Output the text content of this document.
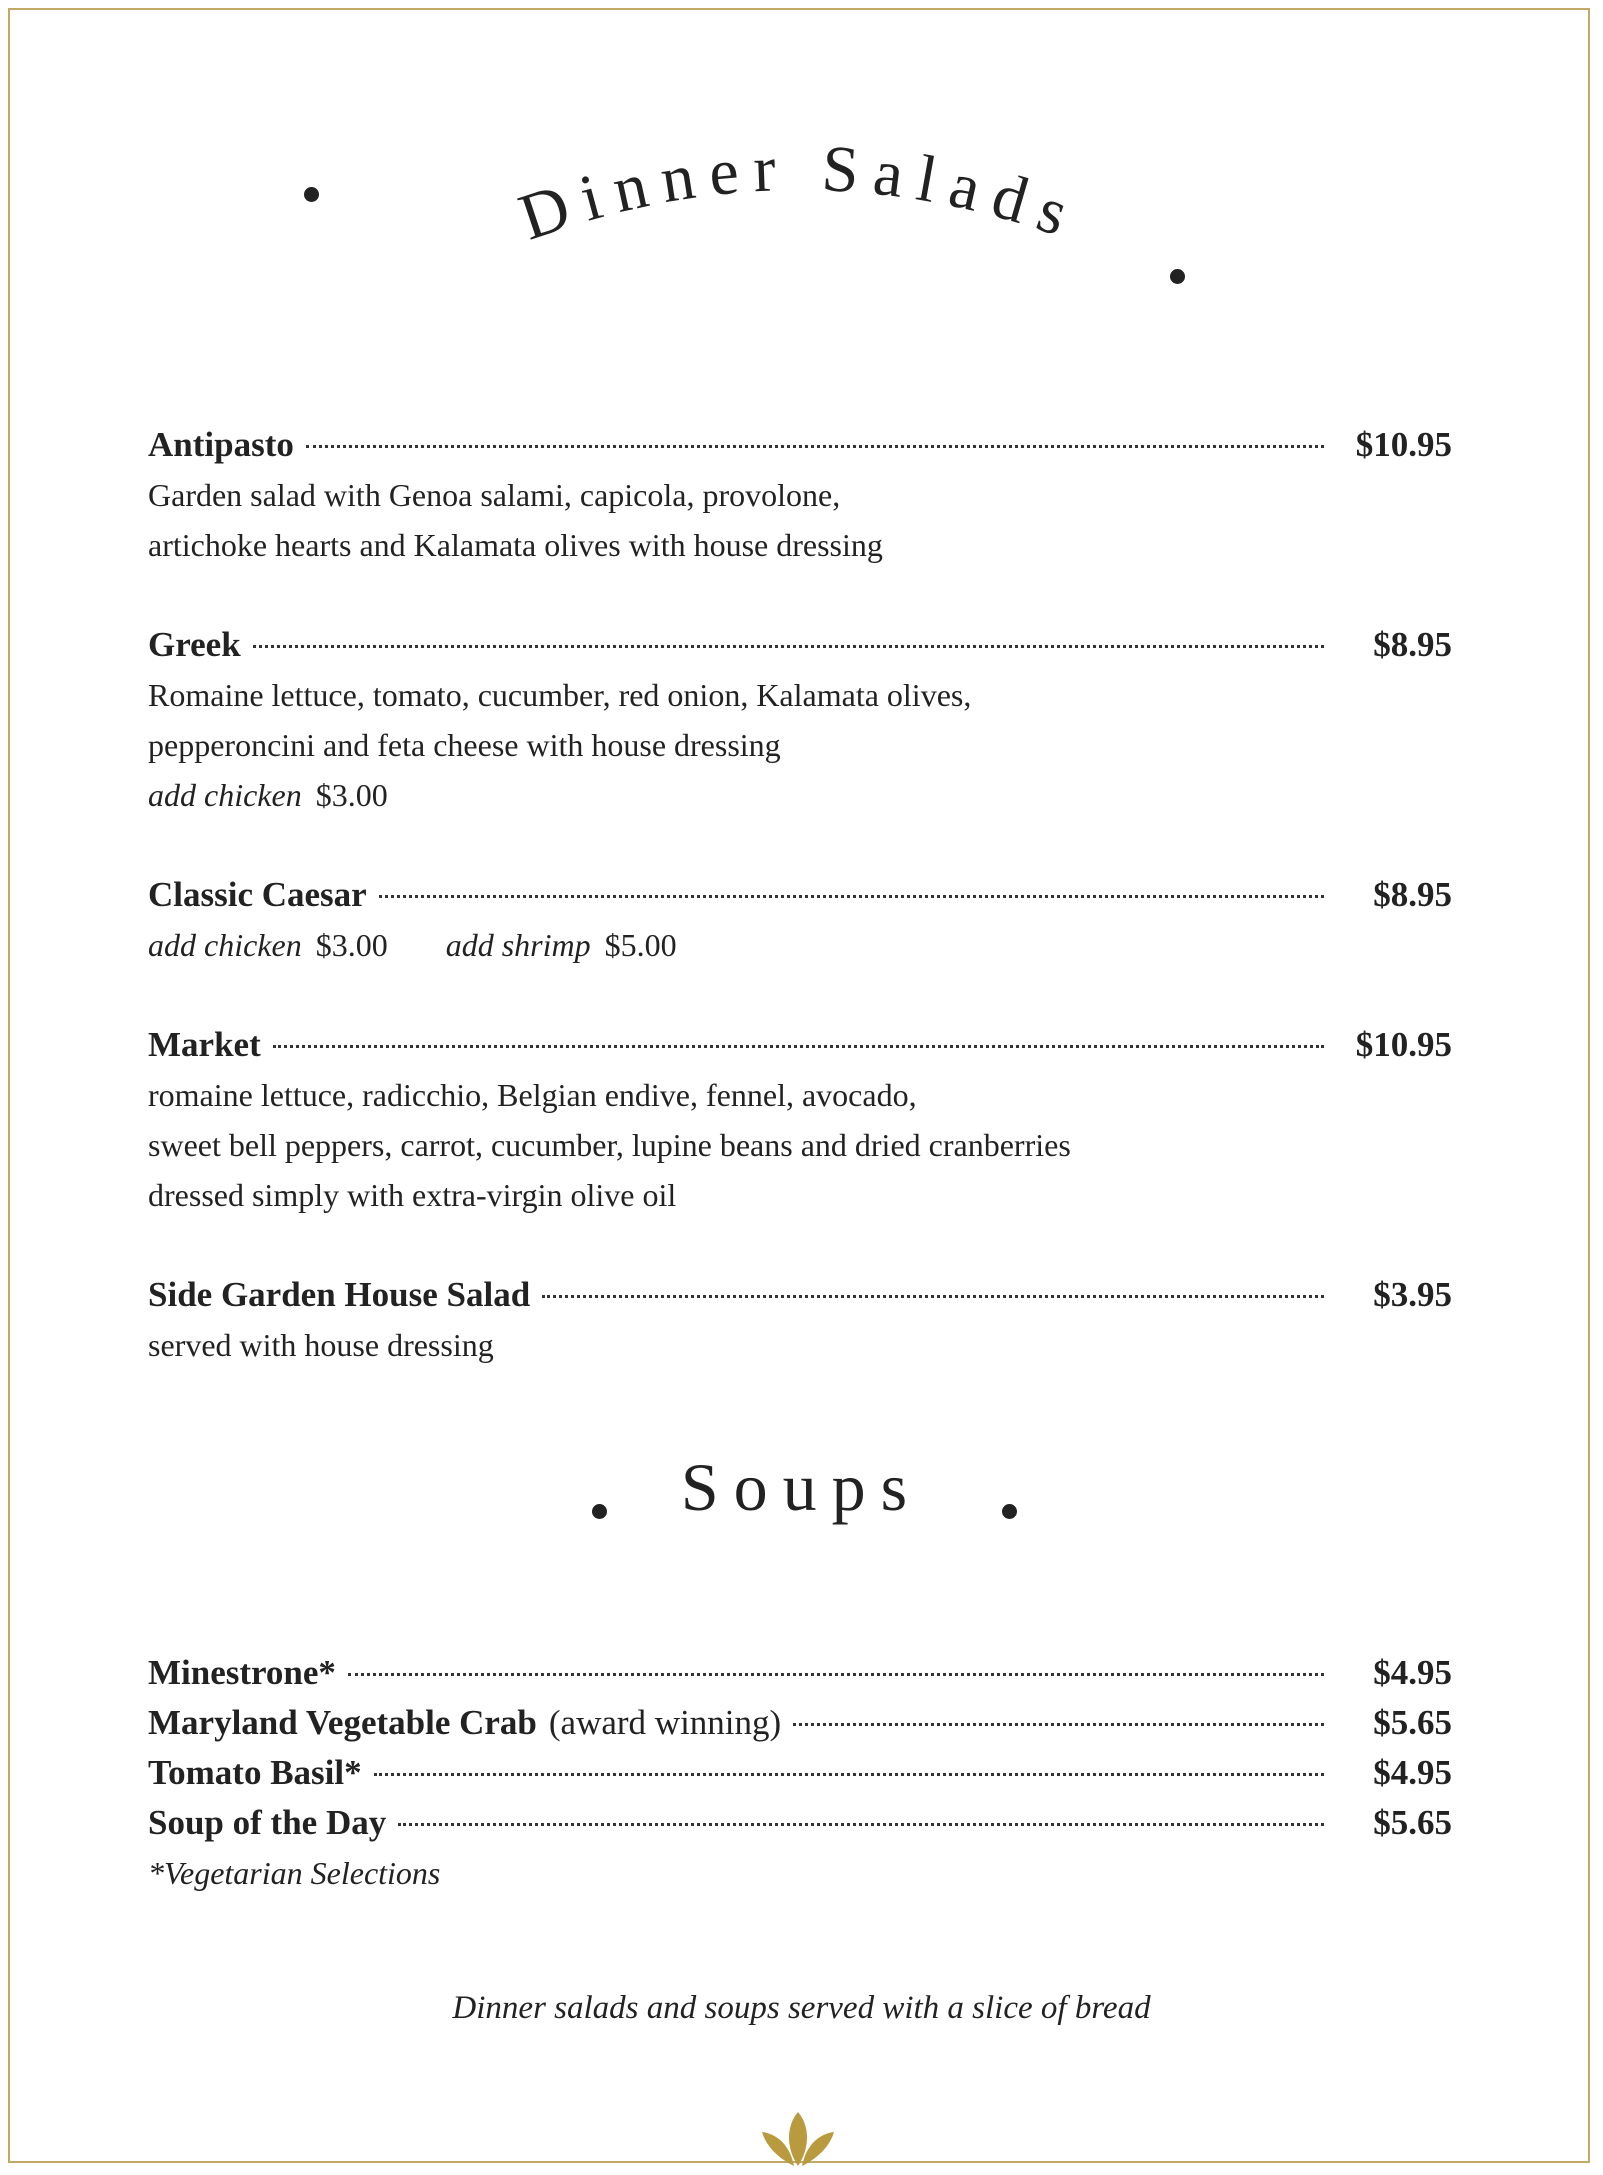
Dinner Salads
Antipasto	$10.95
Garden salad with Genoa salami, capicola, provolone,
artichoke hearts and Kalamata olives with house dressing
Greek	$8.95
Romaine lettuce, tomato, cucumber, red onion, Kalamata olives,
pepperoncini and feta cheese with house dressing
add chicken $3.00
Classic Caesar	$8.95
add chicken $3.00 add shrimp $5.00
Market	$10.95
romaine lettuce, radicchio, Belgian endive, fennel, avocado,
sweet bell peppers, carrot, cucumber, lupine beans and dried cranberries
dressed simply with extra-virgin olive oil
Side Garden House Salad	$3.95
served with house dressing
Soups
Minestrone*	$4.95
Maryland Vegetable Crab (award winning)	$5.65
Tomato Basil*	$4.95
Soup of the Day	$5.65
*Vegetarian Selections
Dinner salads and soups served with a slice of bread
